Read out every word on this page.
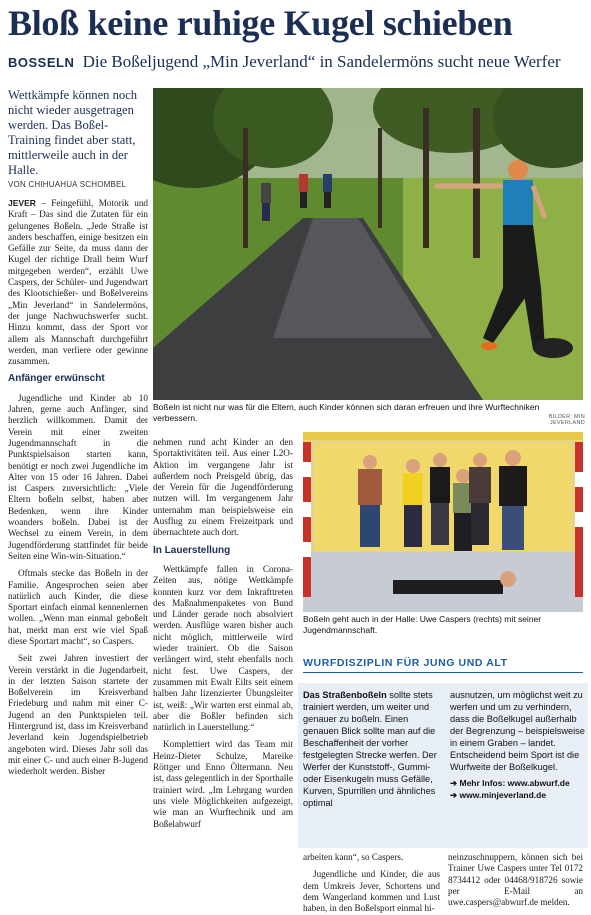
Bloß keine ruhige Kugel schieben
BOSSELN Die Boßeljugend „Min Jeverland“ in Sandelermöns sucht neue Werfer
Wettkämpfe können noch nicht wieder ausgetragen werden. Das Boßel-Training findet aber statt, mittlerweile auch in der Halle.
VON CHIHUAHUA SCHOMBEL

JEVER – Feingefühl, Motorik und Kraft – Das sind die Zutaten für ein gelungenes Boßeln. „Jede Straße ist anders beschaffen, einige besitzen ein Gefälle zur Seite, da muss dann der Kugel der richtige Drall beim Wurf mitgegeben werden“, erzählt Uwe Caspers, der Schüler- und Jugendwart des Klootschießer- und Boßelvereins „Min Jeverland“ in Sandelermöns, der junge Nachwuchswerfer sucht. Hinzu kommt, dass der Sport vor allem als Mannschaft durchgeführt werden, man verliere oder gewinne zusammen.

Anfänger erwünscht

Jugendliche und Kinder ab 10 Jahren, gerne auch Anfänger, sind herzlich willkommen. Damit der Verein mit einer zweiten Jugendmannschaft in die Punktspielsaison starten kann, benötigt er noch zwei Jugendliche im Alter von 15 oder 16 Jahren. Dabei ist Caspers zuversichtlich: „Viele Eltern boßeln selbst, haben aber Bedenken, wenn ihre Kinder woanders boßeln. Dabei ist der Wechsel zu einem Verein, in dem Jugendförderung stattfindet für beide Seiten eine Win-win-Situation.“

Oftmals stecke das Boßeln in der Familie. Angesprochen seien aber natürlich auch Kinder, die diese Sportart einfach einmal kennenlernen wollen. „Wenn man einmal geboßelt hat, merkt man erst wie viel Spaß diese Sportart macht“, so Caspers.

Seit zwei Jahren investiert der Verein verstärkt in die Jugendarbeit, in der letzten Saison startete der Boßelverein im Kreisverband Friedeburg und nahm mit einer C-Jugend an den Punktspielen teil. Hintergrund ist, dass im Kreisverband Jeverland kein Jugendspielbetrieb angeboten wird. Dieses Jahr soll das mit einer C- und auch einer B-Jugend wiederholt werden. Bisher

Boßeln ist nicht nur was für die Eltern, auch Kinder können sich daran erfreuen und ihre Wurftechniken verbessern.	BILDER: MIN JEVERLAND

nehmen rund acht Kinder an den Sportaktivitäten teil. Aus einer L2O-Aktion im vergangene Jahr ist außerdem noch Preisgeld übrig, das der Verein für die Jugendförderung nutzen will. Im vergangenem Jahr unternahm man beispielsweise ein Ausflug zu einem Freizeitpark und übernachtete auch dort.

In Lauerstellung

Wettkämpfe fallen in Corona-Zeiten aus, nötige Wettkämpfe konnten kurz vor dem Inkrafttreten des Maßnahmenpaketes von Bund und Länder gerade noch absolviert werden. Ausflüge waren bisher auch nicht möglich, mittlerweile wird wieder trainiert. Ob die Saison verlängert wird, steht ebenfalls noch nicht fest. Uwe Caspers, der zusammen mit Ewalt Eilts seit einem halben Jahr lizenzierter Übungsleiter ist, weiß: „Wir warten erst einmal ab, aber die Boßler befinden sich natürlich in Lauerstellung.“

Komplettiert wird das Team mit Heinz-Dieter Schulze, Mareike Röttger und Enno Öltermann. Neu ist, dass gelegentlich in der Sporthalle trainiert wird. „Im Lehrgang wurden uns viele Möglichkeiten aufgezeigt, wie man an Wurftechnik und am Boßelabwurf

Boßeln geht auch in der Halle: Uwe Caspers (rechts) mit seiner Jugendmannschaft.
WURFDISZIPLIN FÜR JUNG UND ALT

Das Straßenboßeln sollte stets trainiert werden, um weiter und genauer zu boßeln. Einen genauen Blick sollte man auf die Beschaffenheit der vorher festgelegten Strecke werfen. Der Werfer der Kunststoff-, Gummi- oder Eisenkugeln muss Gefälle, Kurven, Spurrillen und ähnliches optimal

ausnutzen, um möglichst weit zu werfen und um zu verhindern, dass die Boßelkugel außerhalb der Begrenzung – beispielsweise in einem Graben – landet. Entscheidend beim Sport ist die Wurfweite der Boßelkugel.

➔ Mehr Infos: www.abwurf.de
➔ www.minjeverland.de

arbeiten kann“, so Caspers.

Jugendliche und Kinder, die aus dem Umkreis Jever, Schortens und dem Wangerland kommen und Lust haben, in den Boßelsport einmal hi-

neinzuschnuppern, können sich bei Trainer Uwe Caspers unter Tel 0172 8734412 oder 04468/918726 sowie per E-Mail an uwe.caspers@abwurf.de melden.
